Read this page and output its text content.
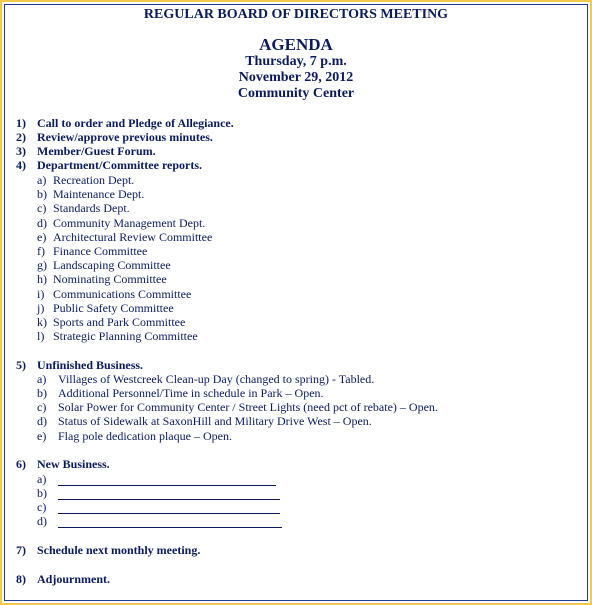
REGULAR BOARD OF DIRECTORS MEETING
AGENDA
Thursday, 7 p.m.
November 29, 2012
Community Center
1) Call to order and Pledge of Allegiance.
2) Review/approve previous minutes.
3) Member/Guest Forum.
4) Department/Committee reports.
a) Recreation Dept.
b) Maintenance Dept.
c) Standards Dept.
d) Community Management Dept.
e) Architectural Review Committee
f) Finance Committee
g) Landscaping Committee
h) Nominating Committee
i) Communications Committee
j) Public Safety Committee
k) Sports and Park Committee
l) Strategic Planning Committee
5) Unfinished Business.
a) Villages of Westcreek Clean-up Day (changed to spring) - Tabled.
b) Additional Personnel/Time in schedule in Park – Open.
c) Solar Power for Community Center / Street Lights (need pct of rebate) – Open.
d) Status of Sidewalk at SaxonHill and Military Drive West – Open.
e) Flag pole dedication plaque – Open.
6) New Business.
a)
b)
c)
d)
7) Schedule next monthly meeting.
8) Adjournment.
